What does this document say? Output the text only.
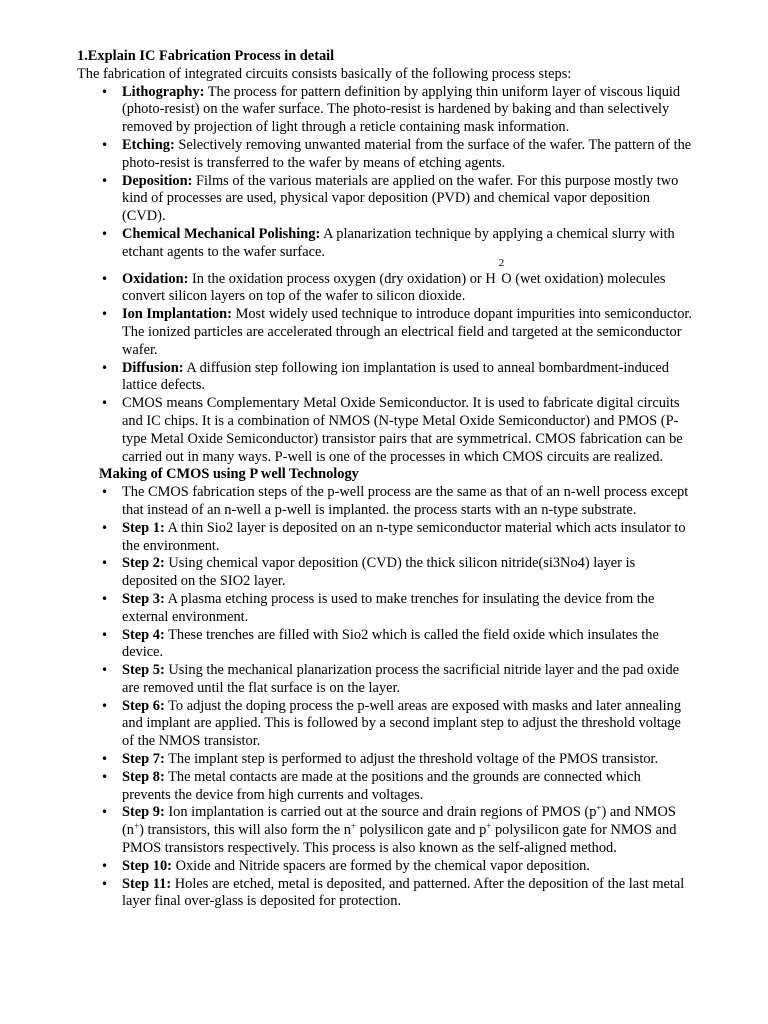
1.Explain IC Fabrication Process in detail

The fabrication of integrated circuits consists basically of the following process steps:

• Lithography: The process for pattern definition by applying thin uniform layer of viscous liquid (photo-resist) on the wafer surface. The photo-resist is hardened by baking and than selectively removed by projection of light through a reticle containing mask information.
• Etching: Selectively removing unwanted material from the surface of the wafer. The pattern of the photo-resist is transferred to the wafer by means of etching agents.
• Deposition: Films of the various materials are applied on the wafer. For this purpose mostly two kind of processes are used, physical vapor deposition (PVD) and chemical vapor deposition (CVD).
• Chemical Mechanical Polishing: A planarization technique by applying a chemical slurry with etchant agents to the wafer surface.
• Oxidation: In the oxidation process oxygen (dry oxidation) or $H^2O$ (wet oxidation) molecules convert silicon layers on top of the wafer to silicon dioxide.
• Ion Implantation: Most widely used technique to introduce dopant impurities into semiconductor. The ionized particles are accelerated through an electrical field and targeted at the semiconductor wafer.
• Diffusion: A diffusion step following ion implantation is used to anneal bombardment-induced lattice defects.
• CMOS means Complementary Metal Oxide Semiconductor. It is used to fabricate digital circuits and IC chips. It is a combination of NMOS (N-type Metal Oxide Semiconductor) and PMOS (P-type Metal Oxide Semiconductor) transistor pairs that are symmetrical. CMOS fabrication can be carried out in many ways. P-well is one of the processes in which CMOS circuits are realized.

Making of CMOS using P well Technology

• The CMOS fabrication steps of the p-well process are the same as that of an n-well process except that instead of an n-well a p-well is implanted. the process starts with an n-type substrate.
• Step 1: A thin Sio2 layer is deposited on an n-type semiconductor material which acts insulator to the environment.
• Step 2: Using chemical vapor deposition (CVD) the thick silicon nitride(si3No4) layer is deposited on the SIO2 layer.
• Step 3: A plasma etching process is used to make trenches for insulating the device from the external environment.
• Step 4: These trenches are filled with Sio2 which is called the field oxide which insulates the device.
• Step 5: Using the mechanical planarization process the sacrificial nitride layer and the pad oxide are removed until the flat surface is on the layer.
• Step 6: To adjust the doping process the p-well areas are exposed with masks and later annealing and implant are applied. This is followed by a second implant step to adjust the threshold voltage of the NMOS transistor.
• Step 7: The implant step is performed to adjust the threshold voltage of the PMOS transistor.
• Step 8: The metal contacts are made at the positions and the grounds are connected which prevents the device from high currents and voltages.
• Step 9: Ion implantation is carried out at the source and drain regions of PMOS (p+) and NMOS (n+) transistors, this will also form the n+ polysilicon gate and p+ polysilicon gate for NMOS and PMOS transistors respectively. This process is also known as the self-aligned method.
• Step 10: Oxide and Nitride spacers are formed by the chemical vapor deposition.
• Step 11: Holes are etched, metal is deposited, and patterned. After the deposition of the last metal layer final over-glass is deposited for protection.
